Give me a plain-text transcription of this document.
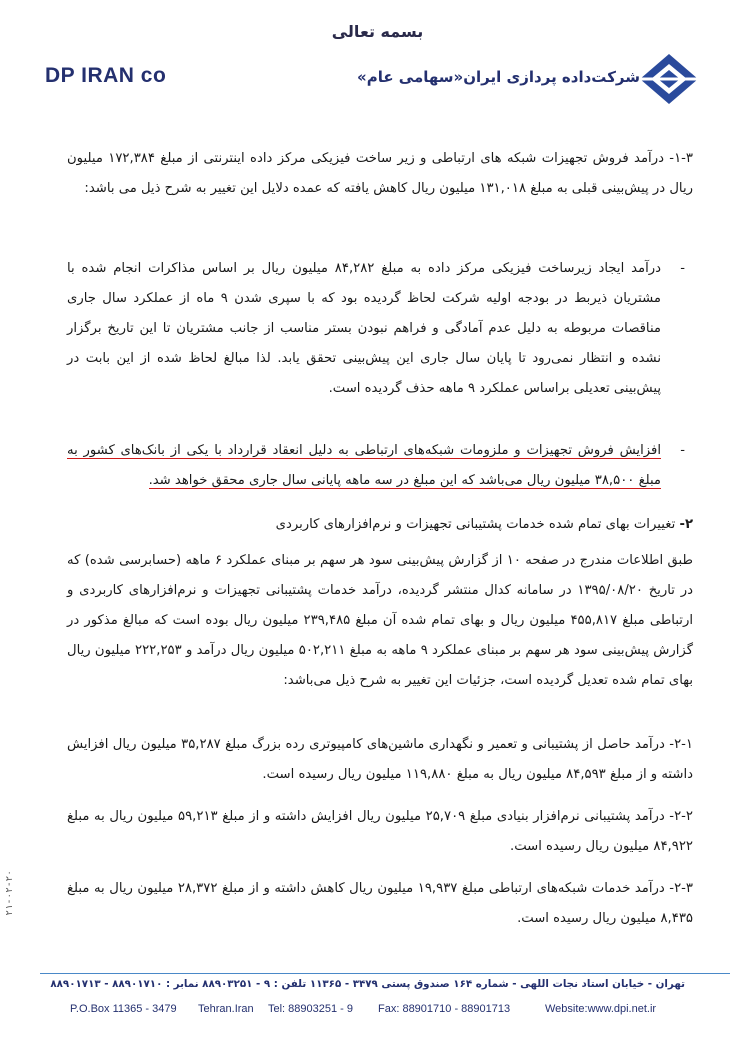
بسمه تعالی
DP IRAN co	شرکت‌داده پردازی ایران«سهامی عام»

۱-۳- درآمد فروش تجهیزات شبکه های ارتباطی و زیر ساخت فیزیکی مرکز داده اینترنتی از مبلغ ۱۷۲,۳۸۴ میلیون ریال در پیش‌بینی قبلی به مبلغ ۱۳۱,۰۱۸ میلیون ریال کاهش یافته که عمده دلایل این تغییر به شرح ذیل می باشد:

-

درآمد ایجاد زیرساخت فیزیکی مرکز داده به مبلغ ۸۴,۲۸۲ میلیون ریال بر اساس مذاکرات انجام شده با مشتریان ذیربط در بودجه اولیه شرکت لحاظ گردیده بود که با سپری شدن ۹ ماه از عملکرد سال جاری مناقصات مربوطه به دلیل عدم آمادگی و فراهم نبودن بستر مناسب از جانب مشتریان تا این تاریخ برگزار نشده و انتظار نمی‌رود تا پایان سال جاری این پیش‌بینی تحقق یابد. لذا مبالغ لحاظ شده از این بابت در پیش‌بینی تعدیلی براساس عملکرد ۹ ماهه حذف گردیده است.

-

افزایش فروش تجهیزات و ملزومات شبکه‌های ارتباطی به دلیل انعقاد قرارداد با یکی از بانک‌های کشور به مبلغ ۳۸,۵۰۰ میلیون ریال می‌باشد که این مبلغ در سه ماهه پایانی سال جاری محقق خواهد شد.

۲- تغییرات بهای تمام شده خدمات پشتیبانی تجهیزات و نرم‌افزارهای کاربردی

طبق اطلاعات مندرج در صفحه ۱۰ از گزارش پیش‌بینی سود هر سهم بر مبنای عملکرد ۶ ماهه (حسابرسی شده) که در تاریخ ۱۳۹۵/۰۸/۲۰ در سامانه کدال منتشر گردیده، درآمد خدمات پشتیبانی تجهیزات و نرم‌افزارهای کاربردی و ارتباطی مبلغ ۴۵۵,۸۱۷ میلیون ریال و بهای تمام شده آن مبلغ ۲۳۹,۴۸۵ میلیون ریال بوده است که مبالغ مذکور در گزارش پیش‌بینی سود هر سهم بر مبنای عملکرد ۹ ماهه به مبلغ ۵۰۲,۲۱۱ میلیون ریال درآمد و ۲۲۲,۲۵۳ میلیون ریال بهای تمام شده تعدیل گردیده است، جزئیات این تغییر به شرح ذیل می‌باشد:

۲-۱- درآمد حاصل از پشتیبانی و تعمیر و نگهداری ماشین‌های کامپیوتری رده بزرگ مبلغ ۳۵,۲۸۷ میلیون ریال افزایش داشته و از مبلغ ۸۴,۵۹۳ میلیون ریال به مبلغ ۱۱۹,۸۸۰ میلیون ریال رسیده است.

۲-۲- درآمد پشتیبانی نرم‌افزار بنیادی مبلغ ۲۵,۷۰۹ میلیون ریال افزایش داشته و از مبلغ ۵۹,۲۱۳ میلیون ریال به مبلغ ۸۴,۹۲۲ میلیون ریال رسیده است.

۲-۳- درآمد خدمات شبکه‌های ارتباطی مبلغ ۱۹,۹۳۷ میلیون ریال کاهش داشته و از مبلغ ۲۸,۳۷۲ میلیون ریال به مبلغ ۸,۴۳۵ میلیون ریال رسیده است.

۲۱-۰۲-۲۰
تهران - خیابان استاد نجات اللهی - شماره ۱۶۴ صندوق پستی ۳۴۷۹ - ۱۱۳۶۵ تلفن : ۹ - ۸۸۹۰۳۲۵۱ نمابر : ۸۸۹۰۱۷۱۰ - ۸۸۹۰۱۷۱۳
P.O.Box 11365 - 3479 Tehran.Iran Tel: 88903251 - 9 Fax: 88901710 - 88901713	Website:www.dpi.net.ir
